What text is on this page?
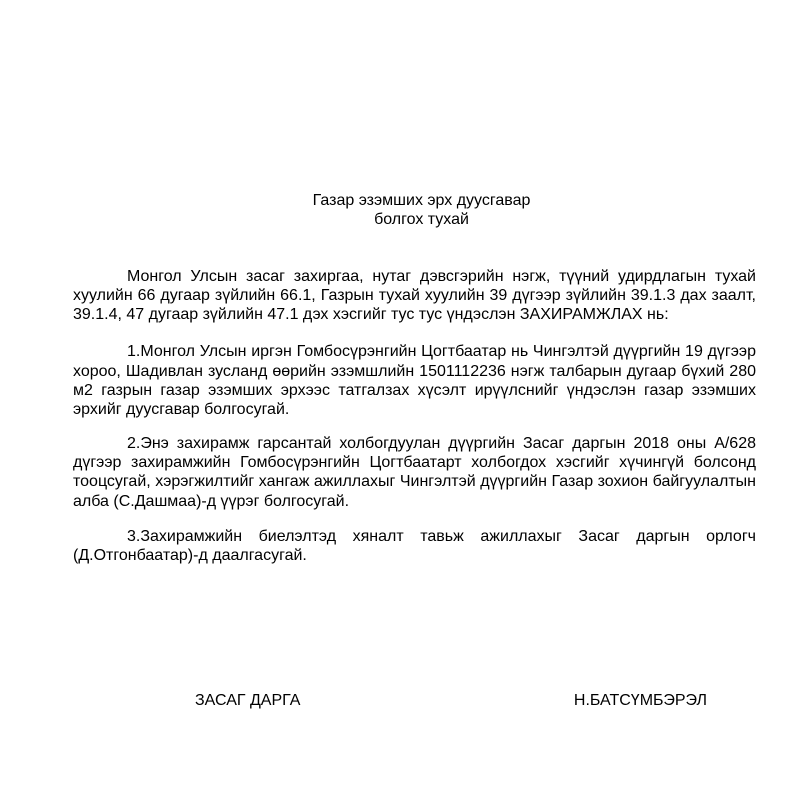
Газар эзэмших эрх дуусгавар
болгох тухай

Монгол Улсын засаг захиргаа, нутаг дэвсгэрийн нэгж, түүний удирдлагын тухай хуулийн 66 дугаар зүйлийн 66.1, Газрын тухай хуулийн 39 дүгээр зүйлийн 39.1.3 дах заалт, 39.1.4, 47 дугаар зүйлийн 47.1 дэх хэсгийг тус тус үндэслэн ЗАХИРАМЖЛАХ нь:

1.Монгол Улсын иргэн Гомбосүрэнгийн Цогтбаатар нь Чингэлтэй дүүргийн 19 дүгээр хороо, Шадивлан зусланд өөрийн эзэмшлийн 1501112236 нэгж талбарын дугаар бүхий 280 м2 газрын газар эзэмших эрхээс татгалзах хүсэлт ирүүлснийг үндэслэн газар эзэмших эрхийг дуусгавар болгосугай.

2.Энэ захирамж гарсантай холбогдуулан дүүргийн Засаг даргын 2018 оны А/628 дүгээр захирамжийн Гомбосүрэнгийн Цогтбаатарт холбогдох хэсгийг хүчингүй болсонд тооцсугай, хэрэгжилтийг хангаж ажиллахыг Чингэлтэй дүүргийн Газар зохион байгуулалтын алба (С.Дашмаа)-д үүрэг болгосугай.

3.Захирамжийн биелэлтэд хяналт тавьж ажиллахыг Засаг даргын орлогч (Д.Отгонбаатар)-д даалгасугай.

ЗАСАГ ДАРГА	Н.БАТСҮМБЭРЭЛ
